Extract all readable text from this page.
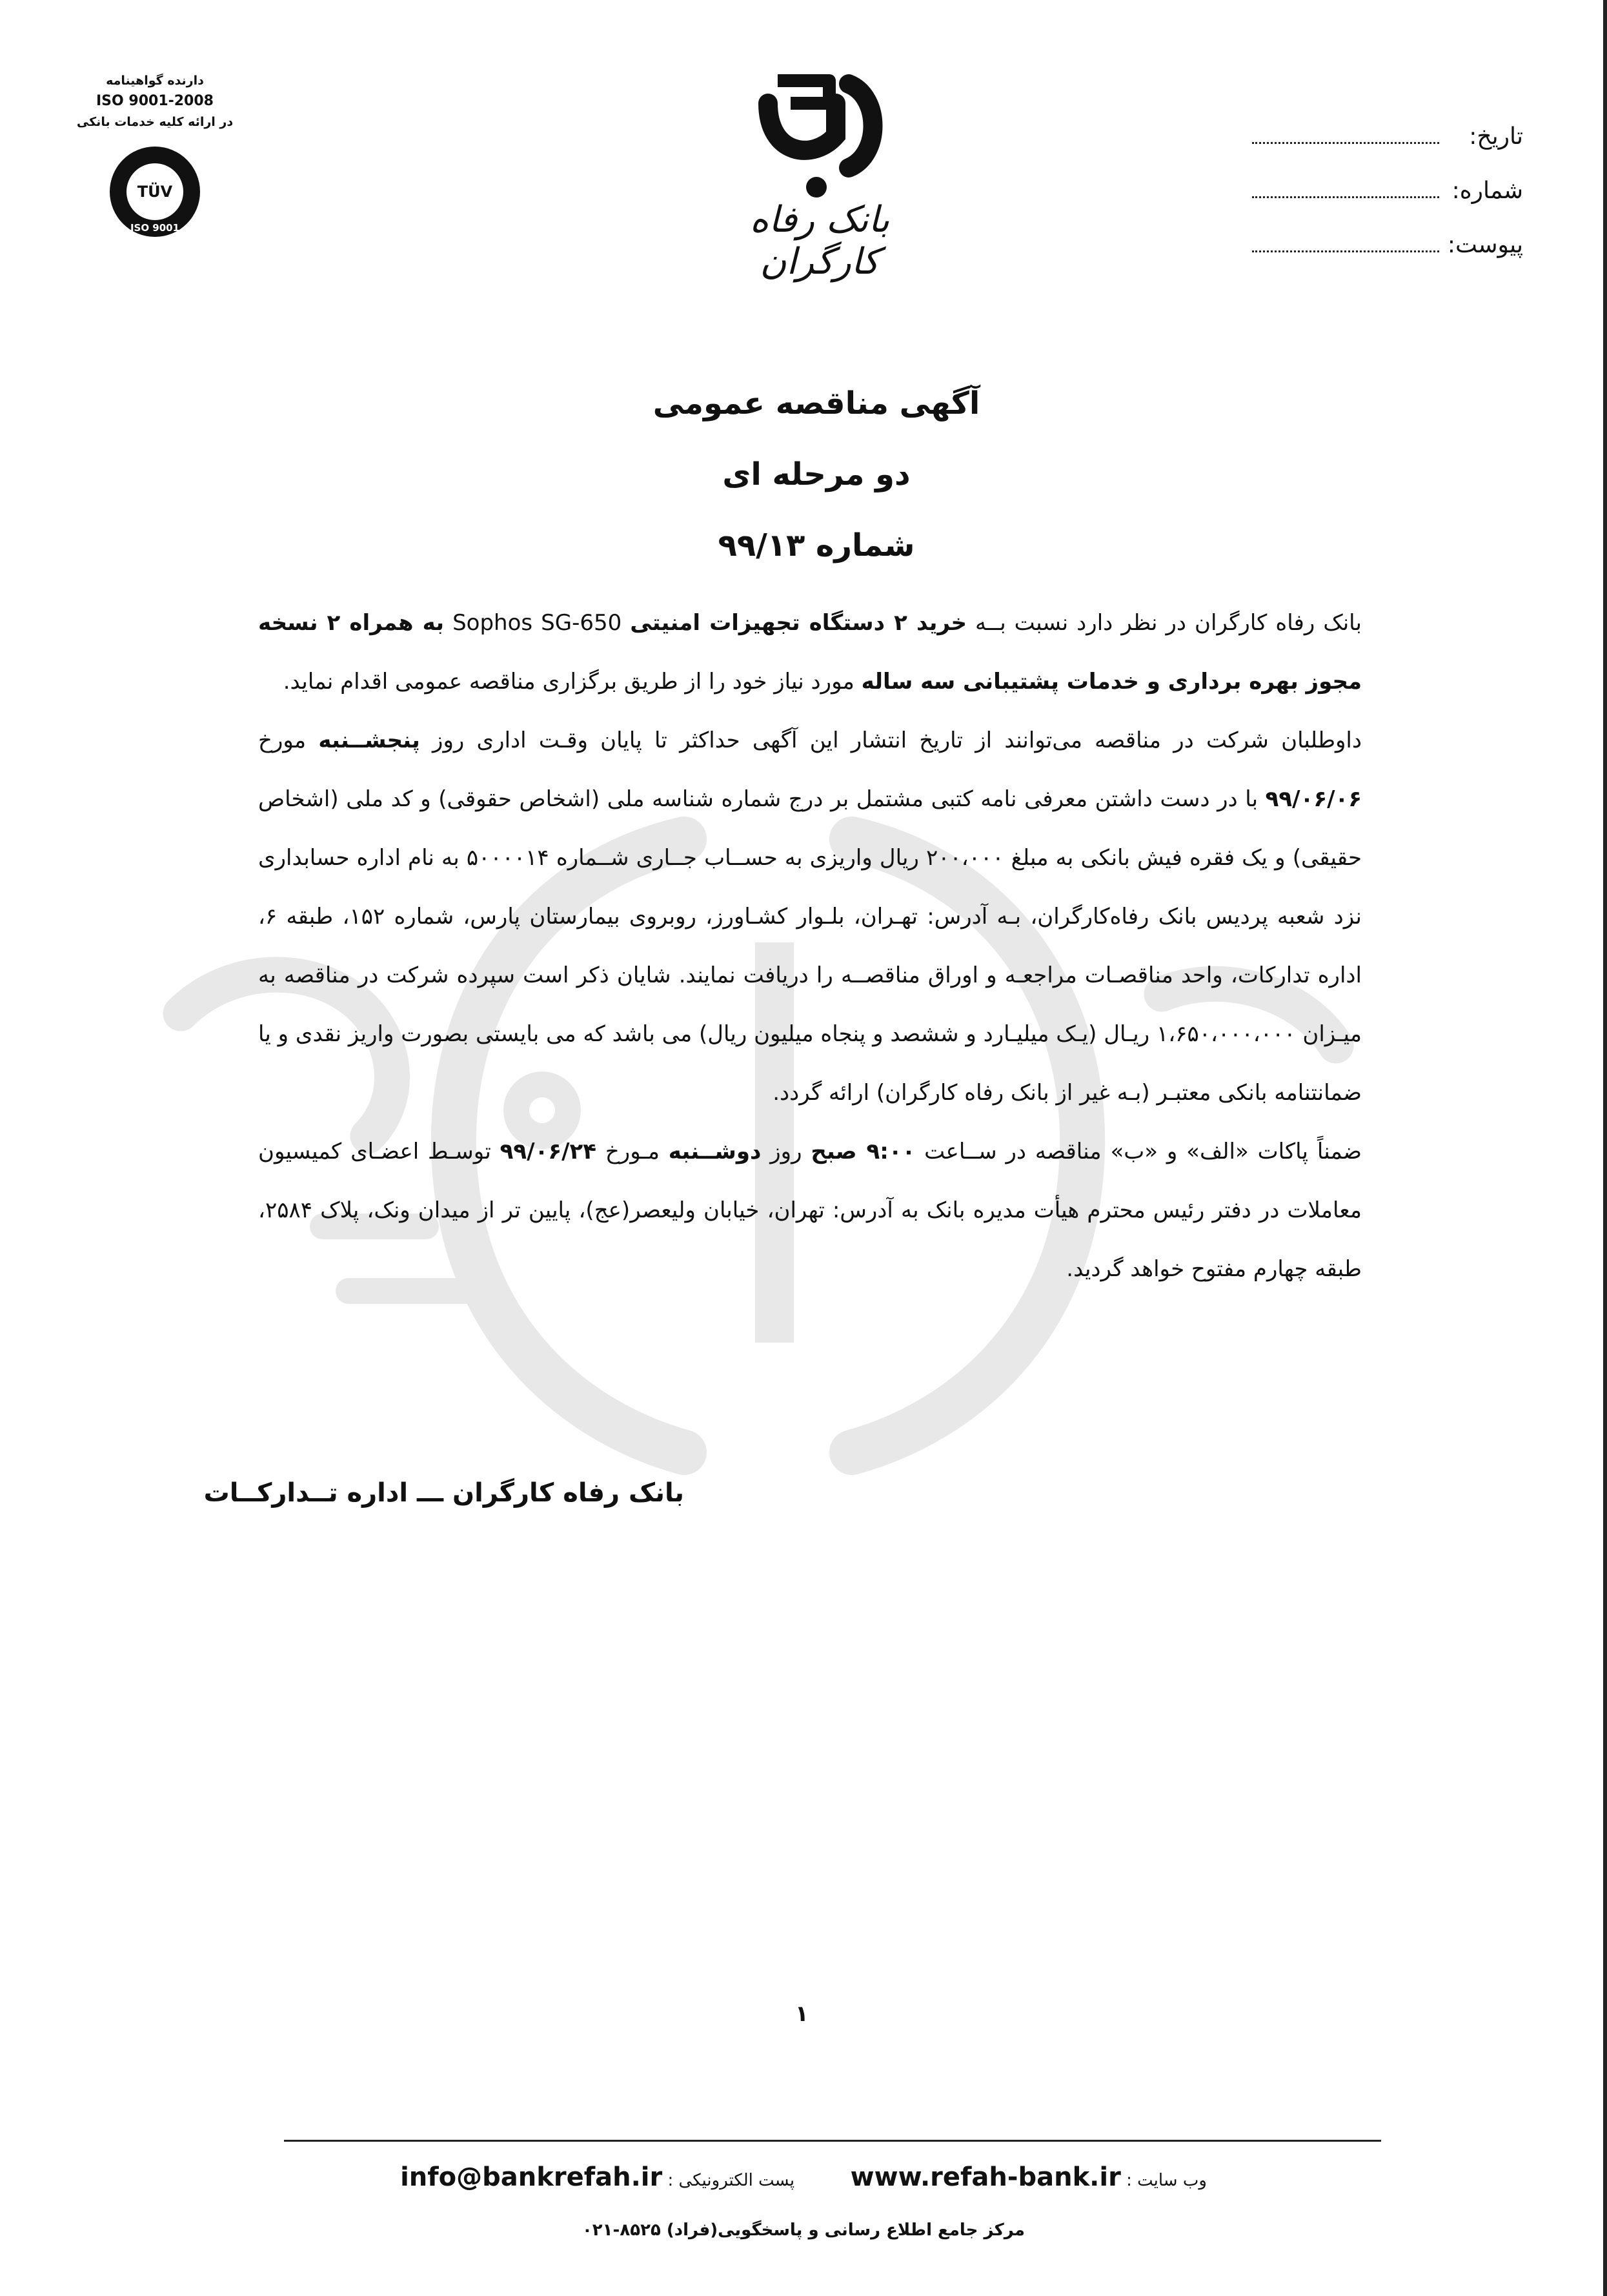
دارنده گواهینامه
ISO 9001-2008
در ارائه کلیه خدمات بانکی
TÜV
ISO 9001	بانک رفاه کارگران
تاریخ:
شماره:
پیوست:
آگهی مناقصه عمومی
دو مرحله ای
شماره ۹۹/۱۳

بانک رفاه کارگران در نظر دارد نسبت بــه خرید ۲ دستگاه تجهیزات امنیتی Sophos SG-650 به همراه ۲ نسخه مجوز بهره برداری و خدمات پشتیبانی سه ساله مورد نیاز خود را از طریق برگزاری مناقصه عمومی اقدام نماید.

داوطلبان شرکت در مناقصه می‌توانند از تاریخ انتشار این آگهی حداکثر تا پایان وقـت اداری روز پنجشــنبه مورخ ۹۹/۰۶/۰۶ با در دست داشتن معرفی نامه کتبی مشتمل بر درج شماره شناسه ملی (اشخاص حقوقی) و کد ملی (اشخاص حقیقی) و یک فقره فیش بانکی به مبلغ ۲۰۰،۰۰۰ ریال واریزی به حســاب جــاری شــماره ۵۰۰۰۰۱۴ به نام اداره حسابداری نزد شعبه پردیس بانک رفاه‌کارگران، بـه آدرس: تهـران، بلـوار کشـاورز، روبروی بیمارستان پارس، شماره ۱۵۲، طبقه ۶، اداره تدارکات، واحد مناقصـات مراجعـه و اوراق مناقصــه را دریافت نمایند. شایان ذکر است سپرده شرکت در مناقصه به میـزان ۱،۶۵۰،۰۰۰،۰۰۰ ریـال (یـک میلیـارد و ششصد و پنجاه میلیون ریال) می باشد که می بایستی بصورت واریز نقدی و یا ضمانتنامه بانکی معتبـر (بـه غیر از بانک رفاه کارگران) ارائه گردد.

ضمناً پاکات «الف» و «ب» مناقصه در ســاعت ۹:۰۰ صبح روز دوشــنبه مـورخ ۹۹/۰۶/۲۴ توسـط اعضـای کمیسیون معاملات در دفتر رئیس محترم هیأت مدیره بانک به آدرس: تهران، خیابان ولیعصر(عج)، پایین تر از میدان ونک، پلاک ۲۵۸۴، طبقه چهارم مفتوح خواهد گردید.

بانک رفاه کارگران ـــ اداره تــدارکــات
۱
وب سایت : www.refah-bank.ir  پست الکترونیکی : info@bankrefah.ir
مرکز جامع اطلاع رسانی و پاسخگویی(فراد) ۸۵۲۵-۰۲۱
